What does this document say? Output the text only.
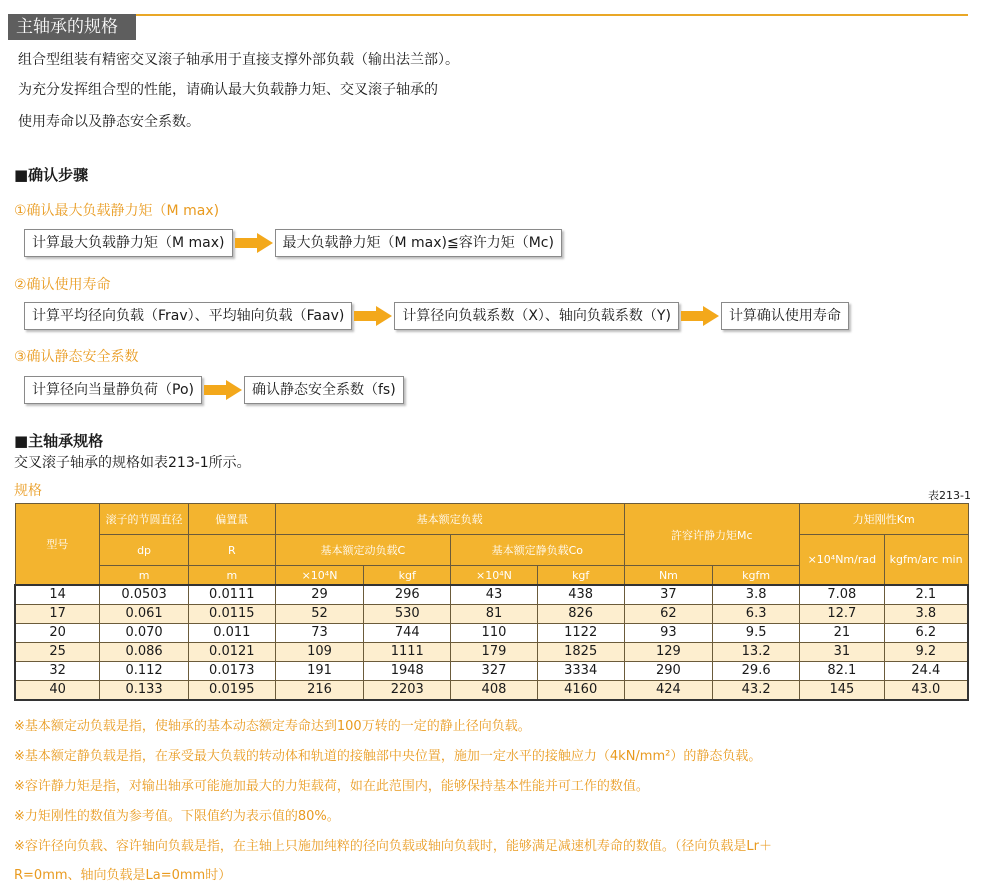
主轴承的规格
组合型组装有精密交叉滚子轴承用于直接支撑外部负载（输出法兰部）。
为充分发挥组合型的性能，请确认最大负载静力矩、交叉滚子轴承的
使用寿命以及静态安全系数。
■确认步骤
①确认最大负载静力矩（M max)
计算最大负载静力矩（M max)	最大负载静力矩（M max)≦容许力矩（Mc)
②确认使用寿命
计算平均径向负载（Frav）、平均轴向负载（Faav)	计算径向负载系数（X）、轴向负载系数（Y)	计算确认使用寿命
③确认静态安全系数
计算径向当量静负荷（Po)	确认静态安全系数（fs)
■主轴承规格
交叉滚子轴承的规格如表213-1所示。
规格	表213-1
型号	滚子的节圆直径	偏置量	基本额定负载				許容许静力矩Mc		力矩刚性Km	
	dp	R	基本额定动负载C		基本额定静负载Co				×10⁴Nm/rad	kgfm/arc min
	m	m	×10⁴N	kgf	×10⁴N	kgf	Nm	kgfm		
14	0.0503	0.0111	29	296	43	438	37	3.8	7.08	2.1
17	0.061	0.0115	52	530	81	826	62	6.3	12.7	3.8
20	0.070	0.011	73	744	110	1122	93	9.5	21	6.2
25	0.086	0.0121	109	1111	179	1825	129	13.2	31	9.2
32	0.112	0.0173	191	1948	327	3334	290	29.6	82.1	24.4
40	0.133	0.0195	216	2203	408	4160	424	43.2	145	43.0
※基本额定动负载是指，使轴承的基本动态额定寿命达到100万转的一定的静止径向负载。
※基本额定静负载是指，在承受最大负载的转动体和轨道的接触部中央位置，施加一定水平的接触应力（4kN/mm²）的静态负载。
※容许静力矩是指，对输出轴承可能施加最大的力矩载荷，如在此范围内，能够保持基本性能并可工作的数值。
※力矩刚性的数值为参考值。下限值约为表示值的80%。
※容许径向负载、容许轴向负载是指，在主轴上只施加纯粹的径向负载或轴向负载时，能够满足减速机寿命的数值。（径向负载是Lr＋
R=0mm、轴向负载是La=0mm时）
